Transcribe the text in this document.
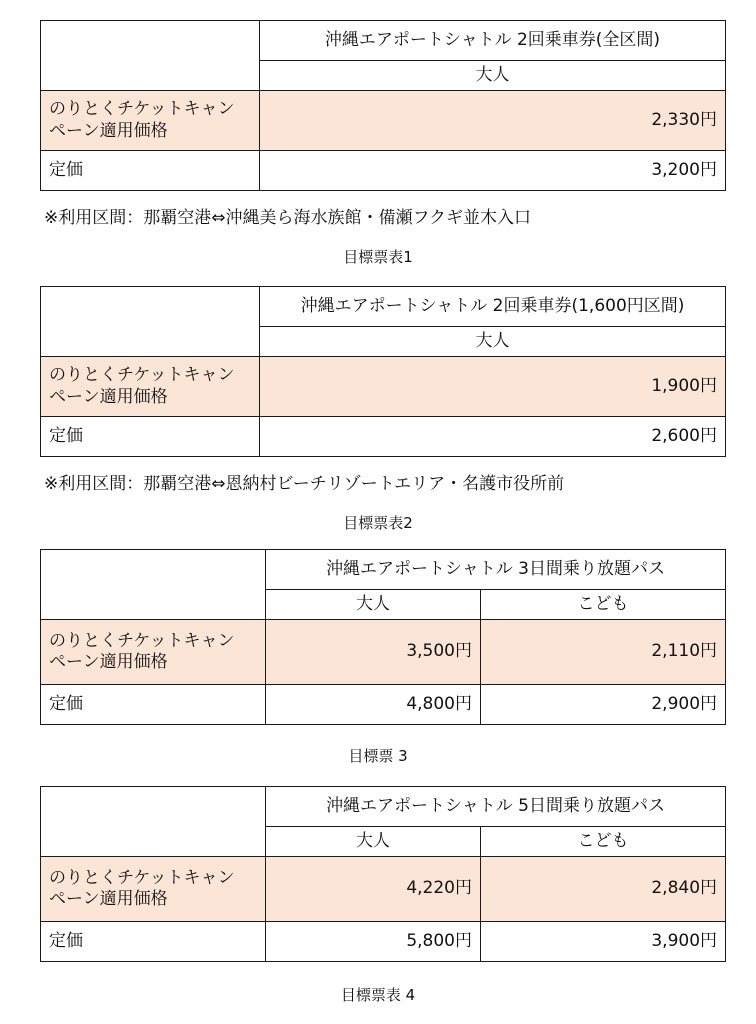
	沖縄エアポートシャトル 2回乗車券(全区間)
	大人

のりとくチケットキャン
ペーン適用価格	2,330円
定価	3,200円
※利用区間：那覇空港⇔沖縄美ら海水族館・備瀬フクギ並木入口
目標票表1
	沖縄エアポートシャトル 2回乗車券(1,600円区間)
	大人

のりとくチケットキャン
ペーン適用価格	1,900円
定価	2,600円
※利用区間：那覇空港⇔恩納村ビーチリゾートエリア・名護市役所前
目標票表2
	沖縄エアポートシャトル 3日間乗り放題パス	
	大人	こども

のりとくチケットキャン
ペーン適用価格	3,500円	2,110円
定価	4,800円	2,900円
目標票 3
	沖縄エアポートシャトル 5日間乗り放題パス	
	大人	こども

のりとくチケットキャン
ペーン適用価格	4,220円	2,840円
定価	5,800円	3,900円
目標票表 4
